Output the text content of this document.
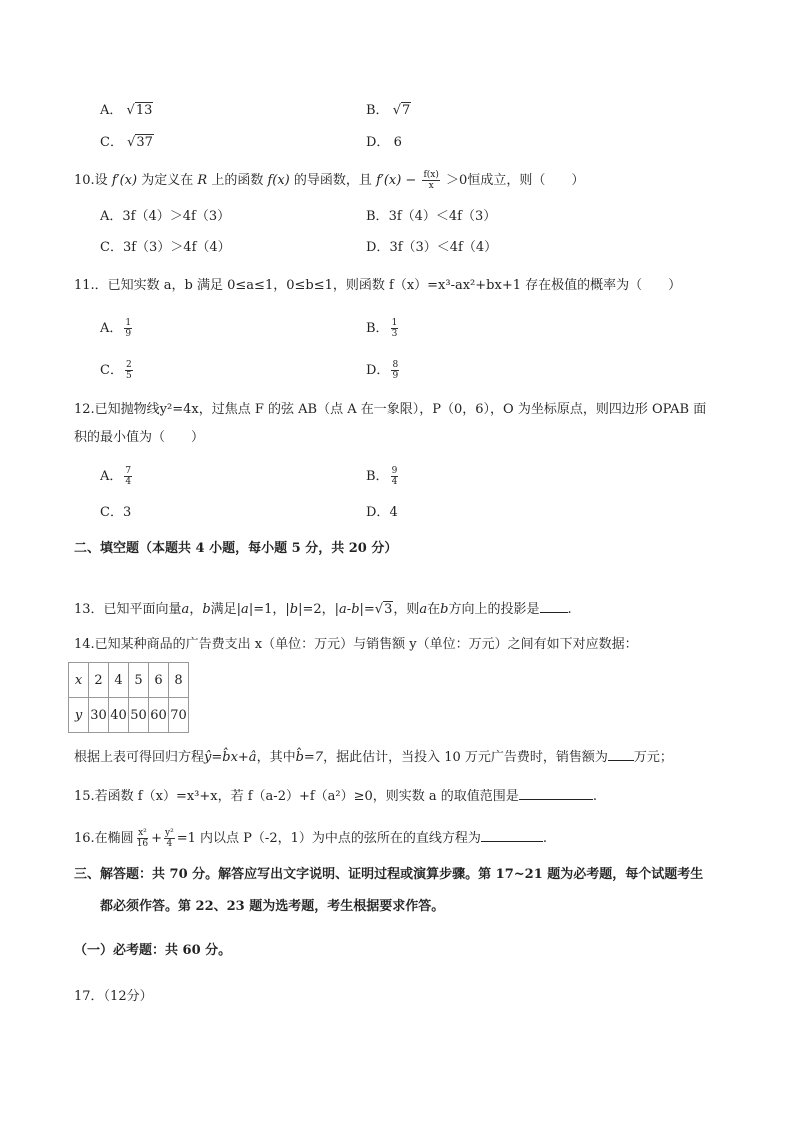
A． √13	B． √7
C． √37	D． 6
10.设 f′(x) 为定义在 R 上的函数 f(x) 的导函数，且 $f'(x) - \frac{f(x)}{x} >0$恒成立，则（　　）
A．3f（4）＞4f（3）	B．3f（4）＜4f（3）
C．3f（3）＞4f（4）	D．3f（3）＜4f（4）
11.．已知实数 a，b 满足 0≤a≤1，0≤b≤1，则函数 f（x）=x³-ax²+bx+1 存在极值的概率为（　　）
A． $\frac{1}{9}$	B． $\frac{1}{3}$
C． $\frac{2}{5}$	D． $\frac{8}{9}$
12.已知抛物线y²=4x，过焦点 F 的弦 AB（点 A 在一象限），P（0，6），O 为坐标原点，则四边形 OPAB 面
积的最小值为（　　）
A． $\frac{7}{4}$	B． $\frac{9}{4}$
C．3	D．4
二、填空题（本题共 4 小题，每小题 5 分，共 20 分）
13．已知平面向量a，b满足|a|=1，|b|=2，|a-b|=√3，则a在b方向上的投影是 .
14.已知某种商品的广告费支出 x（单位：万元）与销售额 y（单位：万元）之间有如下对应数据：
x	2	4	5	6	8
y	30	40	50	60	70
根据上表可得回归方程ŷ=b̂x+â，其中b̂=7，据此估计，当投入 10 万元广告费时，销售额为 万元；
15.若函数 f（x）=x³+x，若 f（a-2）+f（a²）≥0，则实数 a 的取值范围是	.
16.在椭圆 $\frac{\text{x²}}{16} + \frac{\text{y²}}{4} =1$ 内以点 P（-2，1）为中点的弦所在的直线方程为	.
三、解答题：共 70 分。解答应写出文字说明、证明过程或演算步骤。第 17~21 题为必考题，每个试题考生
都必须作答。第 22、23 题为选考题，考生根据要求作答。
（一）必考题：共 60 分。
17．（12分）
